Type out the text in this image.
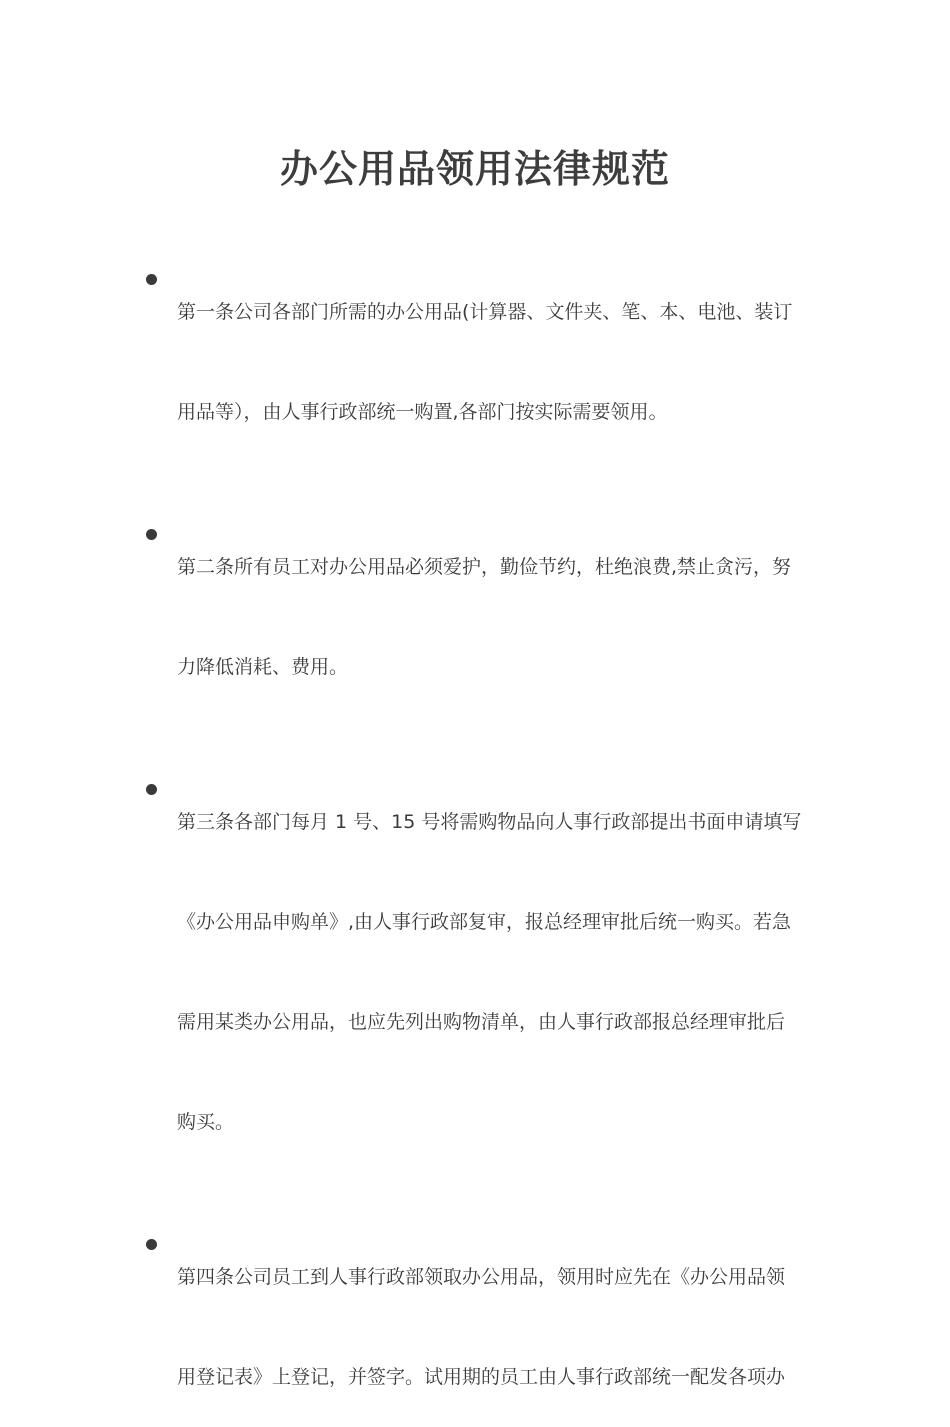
办公用品领用法律规范
第一条公司各部门所需的办公用品(计算器、文件夹、笔、本、电池、装订
用品等），由人事行政部统一购置,各部门按实际需要领用。
第二条所有员工对办公用品必须爱护，勤俭节约，杜绝浪费,禁止贪污，努
力降低消耗、费用。
第三条各部门每月 1 号、15 号将需购物品向人事行政部提出书面申请填写
《办公用品申购单》,由人事行政部复审，报总经理审批后统一购买。若急
需用某类办公用品，也应先列出购物清单，由人事行政部报总经理审批后
购买。
第四条公司员工到人事行政部领取办公用品，领用时应先在《办公用品领
用登记表》上登记，并签字。试用期的员工由人事行政部统一配发各项办
